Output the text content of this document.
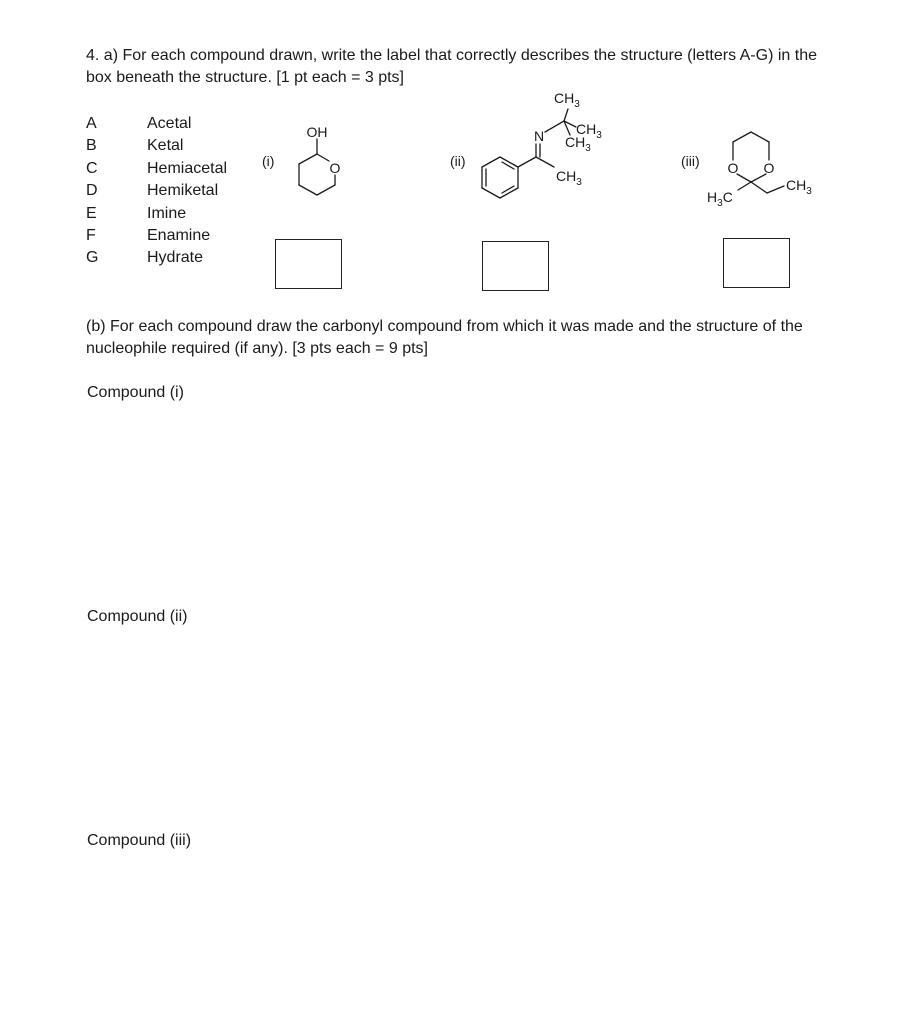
4. a) For each compound drawn, write the label that correctly describes the structure (letters A-G) in the box beneath the structure. [1 pt each = 3 pts]
A	Acetal
B	Ketal
C	Hemiacetal
D	Hemiketal
E	Imine
F	Enamine
G	Hydrate
(i)	(ii)	(iii)
OH
O
N
$CH_3$
$CH_3$
$CH_3$
$CH_3$
O O
$H_3C$
$CH_3$
(b) For each compound draw the carbonyl compound from which it was made and the structure of the nucleophile required (if any). [3 pts each = 9 pts]
Compound (i)
Compound (ii)
Compound (iii)
